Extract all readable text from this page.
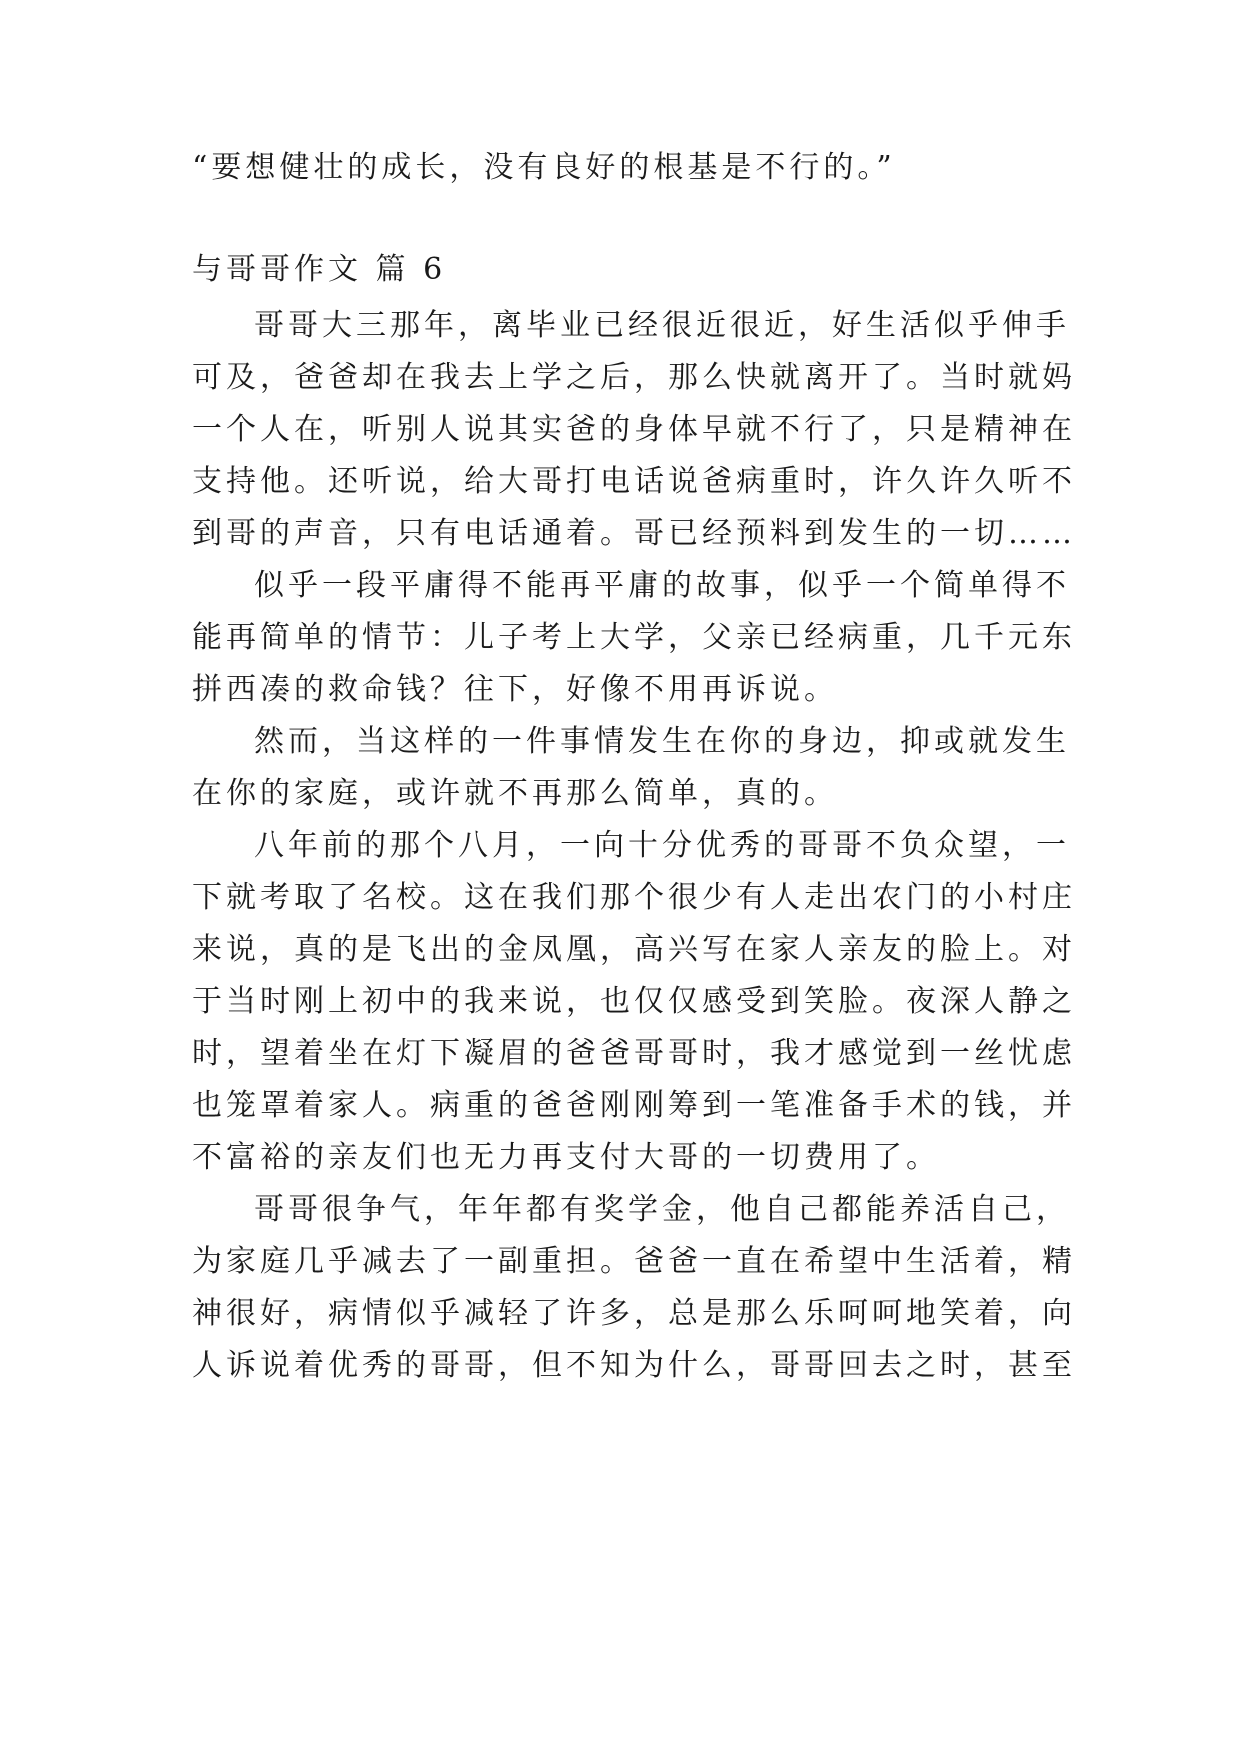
“要想健壮的成长，没有良好的根基是不行的。”
与哥哥作文 篇 6
哥哥大三那年，离毕业已经很近很近，好生活似乎伸手
可及，爸爸却在我去上学之后，那么快就离开了。当时就妈
一个人在，听别人说其实爸的身体早就不行了，只是精神在
支持他。还听说，给大哥打电话说爸病重时，许久许久听不
到哥的声音，只有电话通着。哥已经预料到发生的一切……
似乎一段平庸得不能再平庸的故事，似乎一个简单得不
能再简单的情节：儿子考上大学，父亲已经病重，几千元东
拼西凑的救命钱？往下，好像不用再诉说。
然而，当这样的一件事情发生在你的身边，抑或就发生
在你的家庭，或许就不再那么简单，真的。
八年前的那个八月，一向十分优秀的哥哥不负众望，一
下就考取了名校。这在我们那个很少有人走出农门的小村庄
来说，真的是飞出的金凤凰，高兴写在家人亲友的脸上。对
于当时刚上初中的我来说，也仅仅感受到笑脸。夜深人静之
时，望着坐在灯下凝眉的爸爸哥哥时，我才感觉到一丝忧虑
也笼罩着家人。病重的爸爸刚刚筹到一笔准备手术的钱，并
不富裕的亲友们也无力再支付大哥的一切费用了。
哥哥很争气，年年都有奖学金，他自己都能养活自己，
为家庭几乎减去了一副重担。爸爸一直在希望中生活着，精
神很好，病情似乎减轻了许多，总是那么乐呵呵地笑着，向
人诉说着优秀的哥哥，但不知为什么，哥哥回去之时，甚至
